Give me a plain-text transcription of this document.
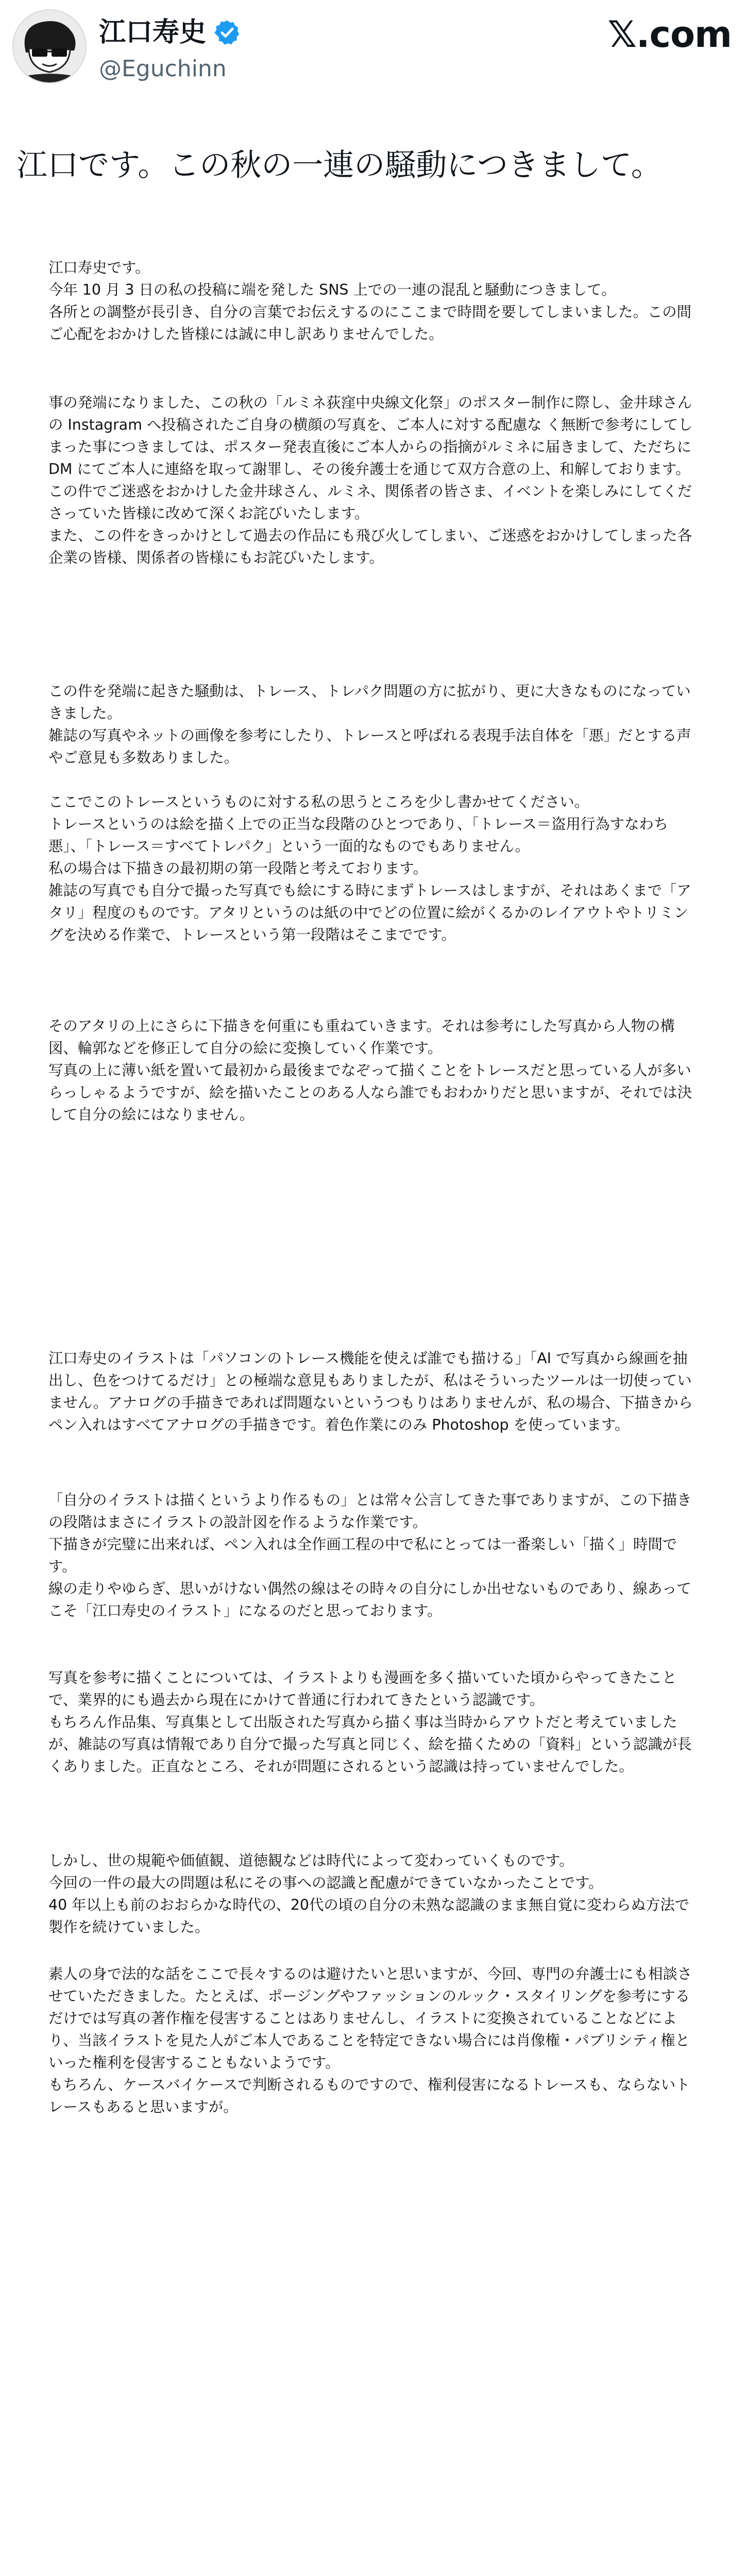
江口寿史
@Eguchinn
𝕏.com
江口です。この秋の一連の騒動につきまして。

江口寿史です。
今年 10 月 3 日の私の投稿に端を発した SNS 上での一連の混乱と騒動につきまして。
各所との調整が長引き、自分の言葉でお伝えするのにここまで時間を要してしまいました。この間ご心配をおかけした皆様には誠に申し訳ありませんでした。

事の発端になりました、この秋の「ルミネ荻窪中央線文化祭」のポスター制作に際し、金井球さんの Instagram へ投稿されたご自身の横顔の写真を、ご本人に対する配慮な く無断で参考にしてしまった事につきましては、ポスター発表直後にご本人からの指摘がルミネに届きまして、ただちに DM にてご本人に連絡を取って謝罪し、その後弁護士を通じて双方合意の上、和解しております。
この件でご迷惑をおかけした金井球さん、ルミネ、関係者の皆さま、イベントを楽しみにしてくださっていた皆様に改めて深くお詫びいたします。
また、この件をきっかけとして過去の作品にも飛び火してしまい、ご迷惑をおかけしてしまった各企業の皆様、関係者の皆様にもお詫びいたします。

この件を発端に起きた騒動は、トレース、トレパク問題の方に拡がり、更に大きなものになっていきました。
雑誌の写真やネットの画像を参考にしたり、トレースと呼ばれる表現手法自体を「悪」だとする声やご意見も多数ありました。

ここでこのトレースというものに対する私の思うところを少し書かせてください。
トレースというのは絵を描く上での正当な段階のひとつであり、「トレース＝盗用行為すなわち悪」、「トレース＝すべてトレパク」という一面的なものでもありません。
私の場合は下描きの最初期の第一段階と考えております。
雑誌の写真でも自分で撮った写真でも絵にする時にまずトレースはしますが、それはあくまで「アタリ」程度のものです。アタリというのは紙の中でどの位置に絵がくるかのレイアウトやトリミングを決める作業で、トレースという第一段階はそこまでです。

そのアタリの上にさらに下描きを何重にも重ねていきます。それは参考にした写真から人物の構図、輪郭などを修正して自分の絵に変換していく作業です。
写真の上に薄い紙を置いて最初から最後までなぞって描くことをトレースだと思っている人が多いらっしゃるようですが、絵を描いたことのある人なら誰でもおわかりだと思いますが、それでは決して自分の絵にはなりません。

江口寿史のイラストは「パソコンのトレース機能を使えば誰でも描ける」「AI で写真から線画を抽出し、色をつけてるだけ」との極端な意見もありましたが、私はそういったツールは一切使っていません。アナログの手描きであれば問題ないというつもりはありませんが、私の場合、下描きからペン入れはすべてアナログの手描きです。着色作業にのみ Photoshop を使っています。

「自分のイラストは描くというより作るもの」とは常々公言してきた事でありますが、この下描きの段階はまさにイラストの設計図を作るような作業です。
下描きが完璧に出来れば、ペン入れは全作画工程の中で私にとっては一番楽しい「描く」時間です。
線の走りやゆらぎ、思いがけない偶然の線はその時々の自分にしか出せないものであり、線あってこそ「江口寿史のイラスト」になるのだと思っております。

写真を参考に描くことについては、イラストよりも漫画を多く描いていた頃からやってきたことで、業界的にも過去から現在にかけて普通に行われてきたという認識です。
もちろん作品集、写真集として出版された写真から描く事は当時からアウトだと考えていましたが、雑誌の写真は情報であり自分で撮った写真と同じく、絵を描くための「資料」という認識が長くありました。正直なところ、それが問題にされるという認識は持っていませんでした。

しかし、世の規範や価値観、道徳観などは時代によって変わっていくものです。
今回の一件の最大の問題は私にその事への認識と配慮ができていなかったことです。
40 年以上も前のおおらかな時代の、20代の頃の自分の未熟な認識のまま無自覚に変わらぬ方法で製作を続けていました。

素人の身で法的な話をここで長々するのは避けたいと思いますが、今回、専門の弁護士にも相談させていただきました。たとえば、ポージングやファッションのルック・スタイリングを参考にするだけでは写真の著作権を侵害することはありませんし、イラストに変換されていることなどにより、当該イラストを見た人がご本人であることを特定できない場合には肖像権・パブリシティ権といった権利を侵害することもないようです。
もちろん、ケースバイケースで判断されるものですので、権利侵害になるトレースも、ならないトレースもあると思いますが。
